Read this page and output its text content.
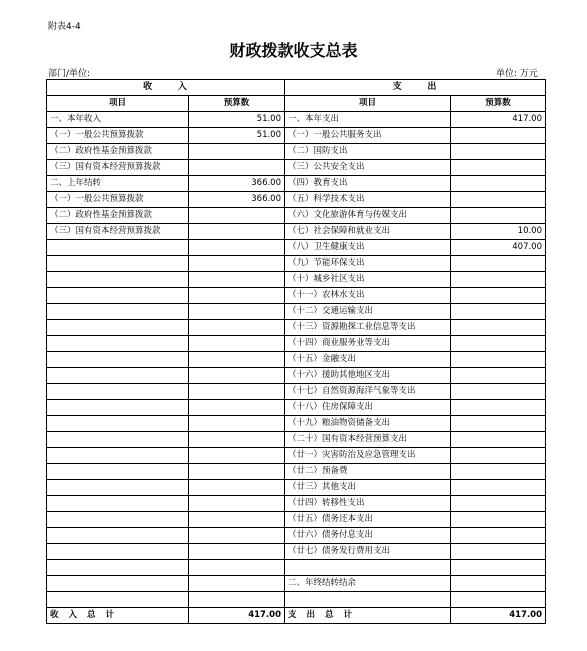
附表4-4
财政拨款收支总表
部门/单位:	单位: 万元
收      入		支      出	
项目	预算数	项目	预算数
一、本年收入	51.00	一、本年支出	417.00
（一）一般公共预算拨款	51.00	（一）一般公共服务支出	
（二）政府性基金预算拨款		（二）国防支出	
（三）国有资本经营预算拨款		（三）公共安全支出	
二、上年结转	366.00	（四）教育支出	
（一）一般公共预算拨款	366.00	（五）科学技术支出	
（二）政府性基金预算拨款		（六）文化旅游体育与传媒支出	
（三）国有资本经营预算拨款		（七）社会保障和就业支出	10.00
		（八）卫生健康支出	407.00
		（九）节能环保支出	
		（十）城乡社区支出	
		（十一）农林水支出	
		（十二）交通运输支出	
		（十三）资源勘探工业信息等支出	
		（十四）商业服务业等支出	
		（十五）金融支出	
		（十六）援助其他地区支出	
		（十七）自然资源海洋气象等支出	
		（十八）住房保障支出	
		（十九）粮油物资储备支出	
		（二十）国有资本经营预算支出	
		（廿一）灾害防治及应急管理支出	
		（廿二）预备费	
		（廿三）其他支出	
		（廿四）转移性支出	
		（廿五）债务还本支出	
		（廿六）债务付息支出	
		（廿七）债务发行费用支出	

		二、年终结转结余	

收入总计	417.00	支出总计	417.00
